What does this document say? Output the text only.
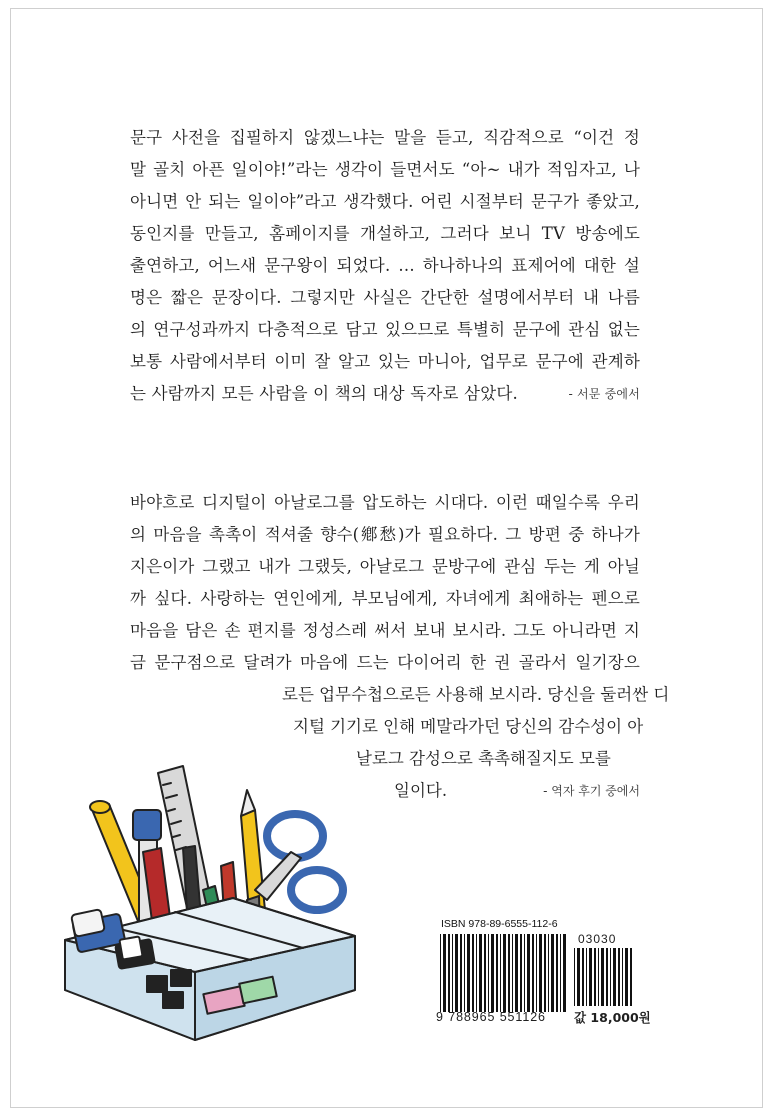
문구 사전을 집필하지 않겠느냐는 말을 듣고, 직감적으로 “이건 정
말 골치 아픈 일이야!”라는 생각이 들면서도 “아~ 내가 적임자고, 나
아니면 안 되는 일이야”라고 생각했다. 어린 시절부터 문구가 좋았고,
동인지를 만들고, 홈페이지를 개설하고, 그러다 보니 TV 방송에도
출연하고, 어느새 문구왕이 되었다. … 하나하나의 표제어에 대한 설
명은 짧은 문장이다. 그렇지만 사실은 간단한 설명에서부터 내 나름
의 연구성과까지 다층적으로 담고 있으므로 특별히 문구에 관심 없는
보통 사람에서부터 이미 잘 알고 있는 마니아, 업무로 문구에 관계하
는 사람까지 모든 사람을 이 책의 대상 독자로 삼았다.	- 서문 중에서
바야흐로 디지털이 아날로그를 압도하는 시대다. 이런 때일수록 우리
의 마음을 촉촉이 적셔줄 향수(鄕愁)가 필요하다. 그 방편 중 하나가
지은이가 그랬고 내가 그랬듯, 아날로그 문방구에 관심 두는 게 아닐
까 싶다. 사랑하는 연인에게, 부모님에게, 자녀에게 최애하는 펜으로
마음을 담은 손 편지를 정성스레 써서 보내 보시라. 그도 아니라면 지
금 문구점으로 달려가 마음에 드는 다이어리 한 권 골라서 일기장으
로든 업무수첩으로든 사용해 보시라. 당신을 둘러싼 디
지털 기기로 인해 메말라가던 당신의 감수성이 아
날로그 감성으로 촉촉해질지도 모를
일이다.	- 역자 후기 중에서
ISBN 978-89-6555-112-6
03030
9 788965 551126 값 18,000원
